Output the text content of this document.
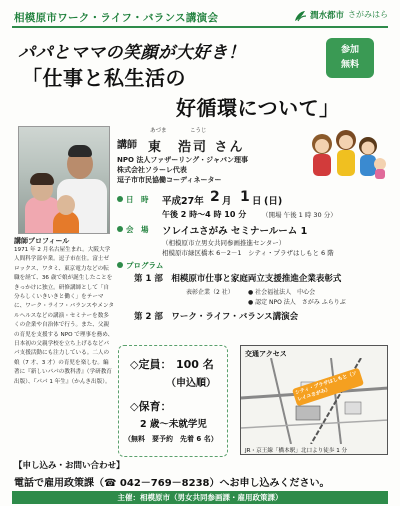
相模原市ワーク・ライフ・バランス講演会	潤水都市 さがみはら
参加
無料
パパとママの笑顔が大好き！
「仕事と私生活の
好循環について」
講師
あづま	こうじ
東　浩司 さん
NPO 法人ファザーリング・ジャパン理事
株式会社ソラーレ代表
逗子市市民協働コーディネーター
日　時 平成27年 2 月 1 日 (日)
午後 2 時～4 時 10 分 （開場 午後 1 時 30 分）
会　場 ソレイユさがみ セミナールーム 1
（相模原市立男女共同参画推進センター）
相模原市緑区橋本 6－2－1　シティ・プラザはしもと 6 階
プログラム
第 1 部　相模原市仕事と家庭両立支援推進企業表彰式
表彰企業（2 社） ● 社会福祉法人　中心会
● 認定 NPO 法人　さがみ ふらりぶ
第 2 部　ワーク・ライフ・バランス講演会
講師プロフィール
1971 年 2 月名古屋生まれ。大阪大学人間科学部卒業。逗子市在住。富士ゼロックス、ワタミ、東京電力などの転職を経て、36 歳で娘が誕生したことをきっかけに独立。研修講師として「自分らしくいきいきと働く」をテーマに、ワーク・ライフ・バランスやメンタルヘルスなどの講演・セミナーを数多くの企業や自治体で行う。また、父親の育児を支援する NPO で理事を務め、日本初の父親学校を立ち上げるなどパパ支援活動にも注力している。二人の娘（7 才、3 才）の育児を楽しむ。編著に『新しいパパの教科書』（学研教育出版）、『パパ 1 年生』（かんき出版）。
◇定員： 100 名
（申込順）
◇保育：
2 歳～未就学児
（無料　要予約　先着 6 名）
交通アクセス
シティ・プラザはしもと（ソレイユさがみ）
JR・京王線「橋本駅」北口より徒歩 1 分
【申し込み・お問い合わせ】
電話で雇用政策課（☎ 042－769－8238）へお申し込みください。
主催：相模原市（男女共同参画課・雇用政策課）
